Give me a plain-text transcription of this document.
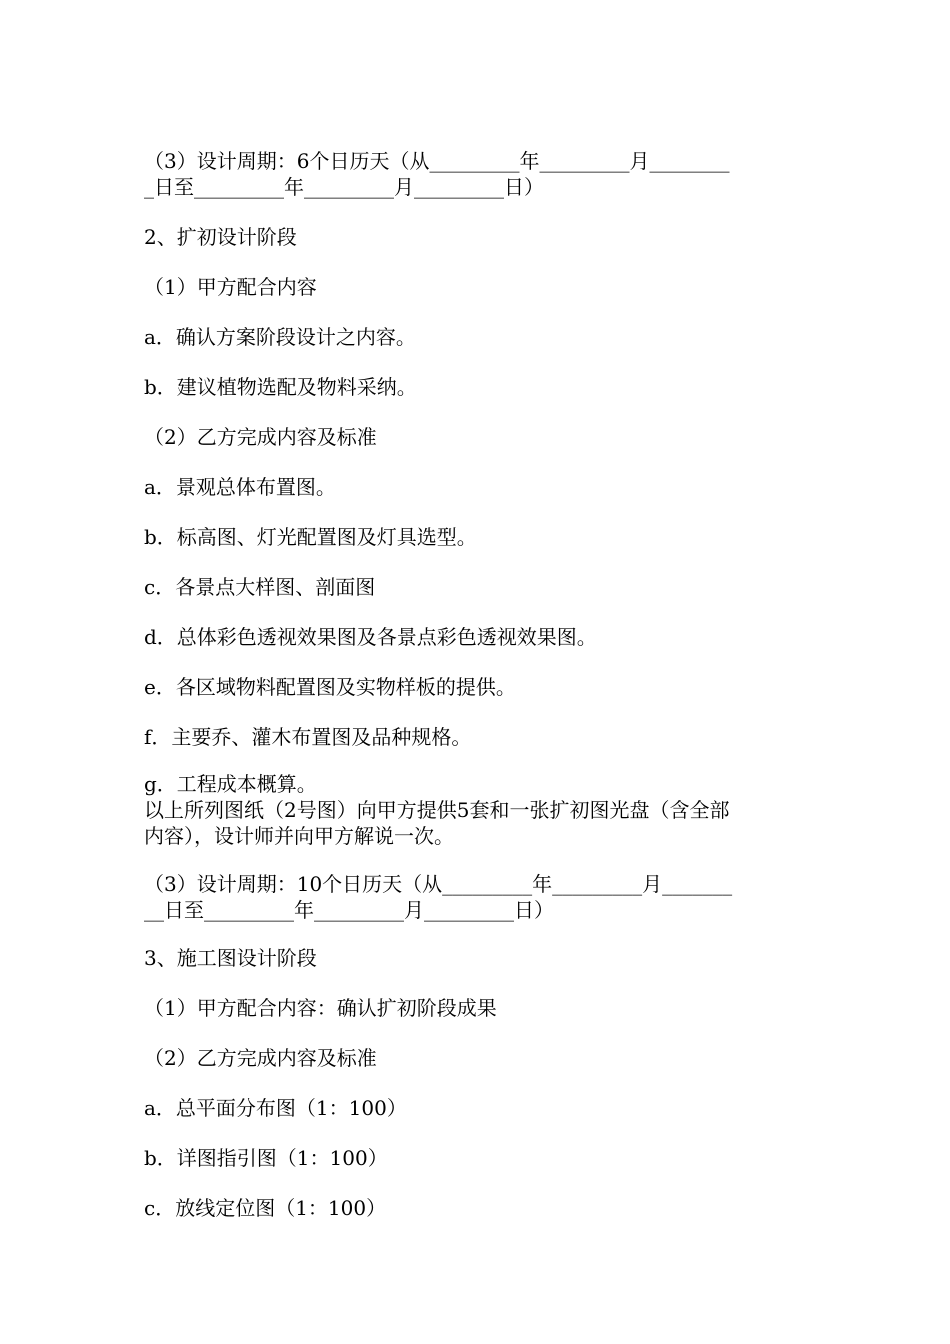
（3）设计周期：6个日历天（从_________年_________月________
_日至_________年_________月_________日）
2、扩初设计阶段
（1）甲方配合内容
a．确认方案阶段设计之内容。
b．建议植物选配及物料采纳。
（2）乙方完成内容及标准
a．景观总体布置图。
b．标高图、灯光配置图及灯具选型。
c．各景点大样图、剖面图
d．总体彩色透视效果图及各景点彩色透视效果图。
e．各区域物料配置图及实物样板的提供。
f．主要乔、灌木布置图及品种规格。
g．工程成本概算。
以上所列图纸（2号图）向甲方提供5套和一张扩初图光盘（含全部
内容），设计师并向甲方解说一次。
（3）设计周期：10个日历天（从_________年_________月_______
__日至_________年_________月_________日）
3、施工图设计阶段
（1）甲方配合内容：确认扩初阶段成果
（2）乙方完成内容及标准
a．总平面分布图（1：100）
b．详图指引图（1：100）
c．放线定位图（1：100）
